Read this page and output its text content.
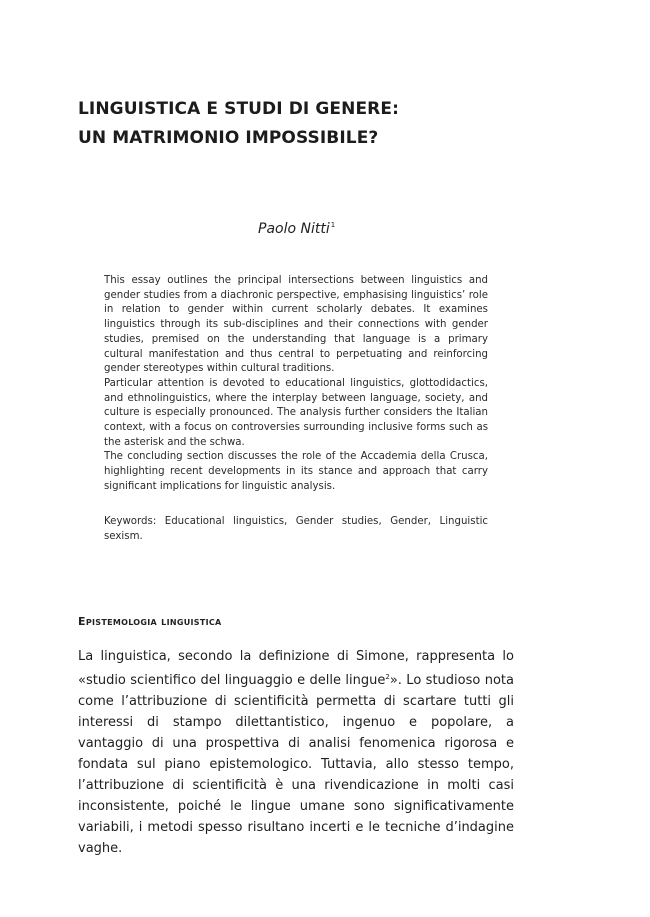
LINGUISTICA E STUDI DI GENERE:
UN MATRIMONIO IMPOSSIBILE?
Paolo Nitti$^1$

This essay outlines the principal intersections between linguistics and gender studies from a diachronic perspective, emphasising linguistics’ role in relation to gender within current scholarly debates. It examines linguistics through its sub-disciplines and their connections with gender studies, premised on the understanding that language is a primary cultural manifestation and thus central to perpetuating and reinforcing gender stereotypes within cultural traditions.

Particular attention is devoted to educational linguistics, glottodidactics, and ethnolinguistics, where the interplay between language, society, and culture is especially pronounced. The analysis further considers the Italian context, with a focus on controversies surrounding inclusive forms such as the asterisk and the schwa.

The concluding section discusses the role of the Accademia della Crusca, highlighting recent developments in its stance and approach that carry significant implications for linguistic analysis.

Keywords: Educational linguistics, Gender studies, Gender, Linguistic sexism.

Epistemologia linguistica

La linguistica, secondo la definizione di Simone, rappresenta lo «studio scientifico del linguaggio e delle lingue$^2$». Lo studioso nota come l’attribuzione di scientificità permetta di scartare tutti gli interessi di stampo dilettantistico, ingenuo e popolare, a vantaggio di una prospettiva di analisi fenomenica rigorosa e fondata sul piano epistemologico. Tuttavia, allo stesso tempo, l’attribuzione di scientificità è una rivendicazione in molti casi inconsistente, poiché le lingue umane sono significativamente variabili, i metodi spesso risultano incerti e le tecniche d’indagine vaghe.
